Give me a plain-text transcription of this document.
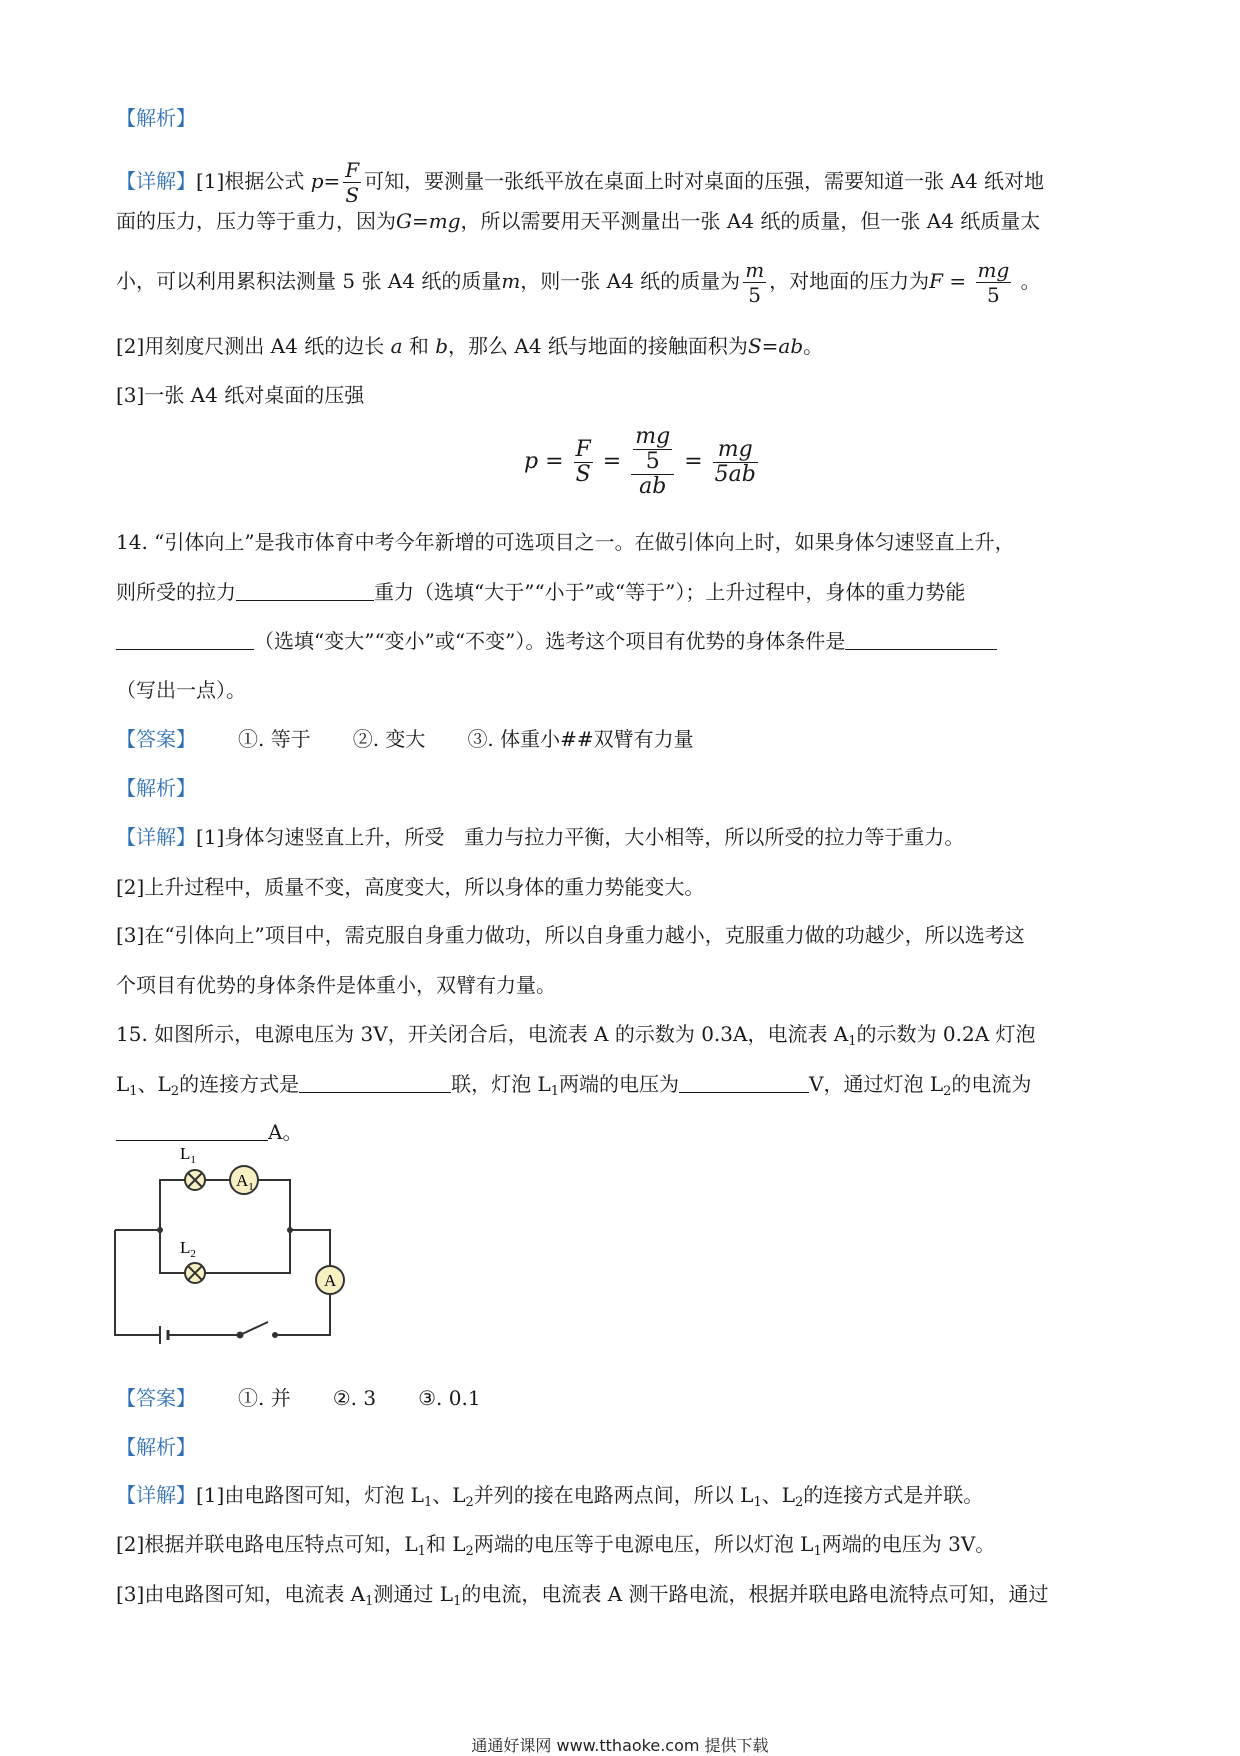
【解析】
【详解】[1]根据公式 $p= \frac{F}{S}$ 可知，要测量一张纸平放在桌面上时对桌面的压强，需要知道一张 A4 纸对地
面的压力，压力等于重力，因为G=mg，所以需要用天平测量出一张 A4 纸的质量，但一张 A4 纸质量太
小，可以利用累积法测量 5 张 A4 纸的质量m，则一张 A4 纸的质量为 $\frac{m}{5}$ ，对地面的压力为$F = \frac{mg}{5}$ 。
[2]用刻度尺测出 A4 纸的边长 a 和 b，那么 A4 纸与地面的接触面积为S=ab。
[3]一张 A4 纸对桌面的压强
$p = \frac{F}{S} = \frac{\frac{mg}{5}}{ab} = \frac{mg}{5ab}$
14. “引体向上”是我市体育中考今年新增的可选项目之一。在做引体向上时，如果身体匀速竖直上升，
则所受的拉力	重力（选填“大于”“小于”或“等于”）；上升过程中，身体的重力势能
（选填“变大”“变小”或“不变”）。选考这个项目有优势的身体条件是
（写出一点）。
【答案】 ①. 等于 ②. 变大 ③. 体重小##双臂有力量
【解析】
【详解】[1]身体匀速竖直上升，所受　重力与拉力平衡，大小相等，所以所受的拉力等于重力。
[2]上升过程中，质量不变，高度变大，所以身体的重力势能变大。
[3]在“引体向上”项目中，需克服自身重力做功，所以自身重力越小，克服重力做的功越少，所以选考这
个项目有优势的身体条件是体重小，双臂有力量。
15. 如图所示，电源电压为 3V，开关闭合后，电流表 A 的示数为 0.3A，电流表 $A_1$的示数为 0.2A 灯泡
$L_1$、$L_2$的连接方式是	联，灯泡 $L_1$两端的电压为	V，通过灯泡 $L_2$的电流为
A。
$L_1$
$A_1$
$L_2$
A
【答案】 ①. 并 ②. 3 ③. 0.1
【解析】
【详解】[1]由电路图可知，灯泡 $L_1$、$L_2$并列的接在电路两点间，所以 $L_1$、$L_2$的连接方式是并联。
[2]根据并联电路电压特点可知，$L_1$和 $L_2$两端的电压等于电源电压，所以灯泡 $L_1$两端的电压为 3V。
[3]由电路图可知，电流表 $A_1$测通过 $L_1$的电流，电流表 A 测干路电流，根据并联电路电流特点可知，通过
通通好课网 www.tthaoke.com 提供下载
